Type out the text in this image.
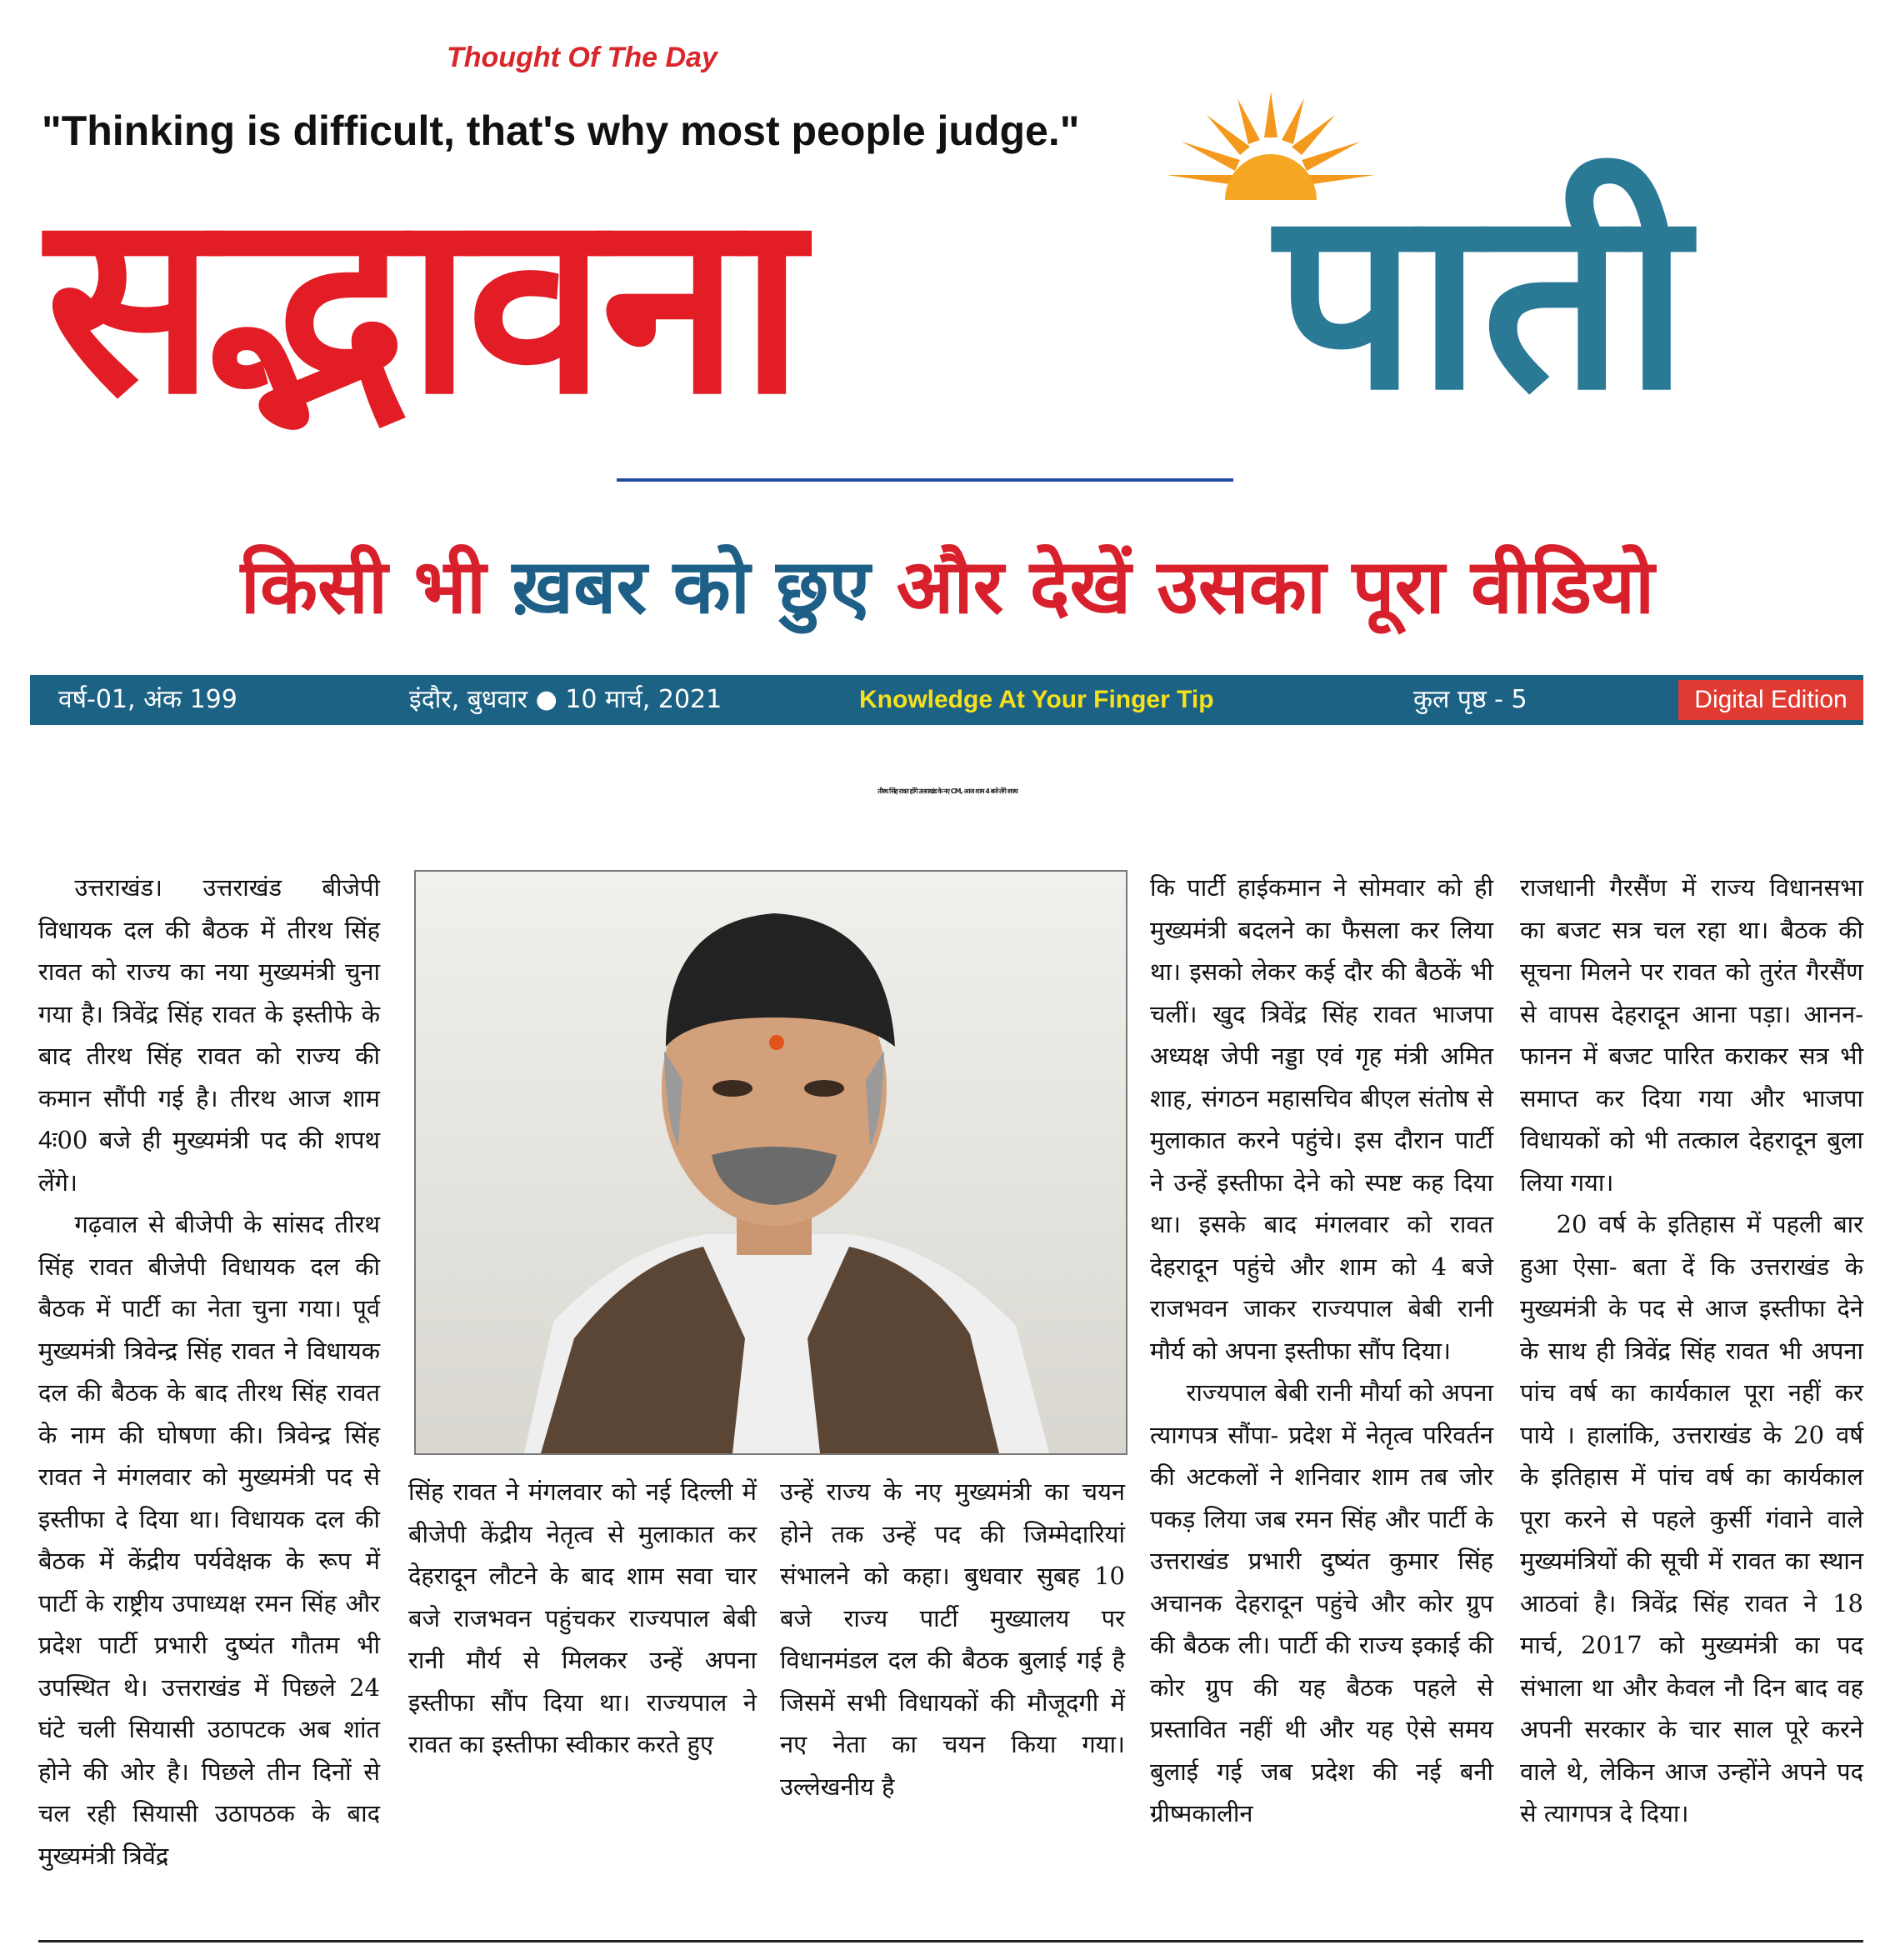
Thought Of The Day
"Thinking is difficult, that's why most people judge."
सद्भावना पाती
किसी भी ख़बर को छुए और देखें उसका पूरा वीडियो
वर्ष-01, अंक 199	इंदौर, बुधवार ● 10 मार्च, 2021	Knowledge At Your Finger Tip	कुल पृष्ठ - 5	Digital Edition
तीरथ सिंह रावत होंगे उत्तराखंड के नए CM, आज शाम 4 बजे लेंगे शपथ

उत्तराखंड। उत्तराखंड बीजेपी विधायक दल की बैठक में तीरथ सिंह रावत को राज्य का नया मुख्यमंत्री चुना गया है। त्रिवेंद्र सिंह रावत के इस्तीफे के बाद तीरथ सिंह रावत को राज्य की कमान सौंपी गई है। तीरथ आज शाम 4ः00 बजे ही मुख्यमंत्री पद की शपथ लेंगे।

गढ़वाल से बीजेपी के सांसद तीरथ सिंह रावत बीजेपी विधायक दल की बैठक में पार्टी का नेता चुना गया। पूर्व मुख्यमंत्री त्रिवेन्द्र सिंह रावत ने विधायक दल की बैठक के बाद तीरथ सिंह रावत के नाम की घोषणा की। त्रिवेन्द्र सिंह रावत ने मंगलवार को मुख्यमंत्री पद से इस्तीफा दे दिया था। विधायक दल की बैठक में केंद्रीय पर्यवेक्षक के रूप में पार्टी के राष्ट्रीय उपाध्यक्ष रमन सिंह और प्रदेश पार्टी प्रभारी दुष्यंत गौतम भी उपस्थित थे। उत्तराखंड में पिछले 24 घंटे चली सियासी उठापटक अब शांत होने की ओर है। पिछले तीन दिनों से चल रही सियासी उठापठक के बाद मुख्यमंत्री त्रिवेंद्र

सिंह रावत ने मंगलवार को नई दिल्ली में बीजेपी केंद्रीय नेतृत्व से मुलाकात कर देहरादून लौटने के बाद शाम सवा चार बजे राजभवन पहुंचकर राज्यपाल बेबी रानी मौर्य से मिलकर उन्हें अपना इस्तीफा सौंप दिया था। राज्यपाल ने रावत का इस्तीफा स्वीकार करते हुए

उन्हें राज्य के नए मुख्यमंत्री का चयन होने तक उन्हें पद की जिम्मेदारियां संभालने को कहा। बुधवार सुबह 10 बजे राज्य पार्टी मुख्यालय पर विधानमंडल दल की बैठक बुलाई गई है जिसमें सभी विधायकों की मौजूदगी में नए नेता का चयन किया गया। उल्लेखनीय है

कि पार्टी हाईकमान ने सोमवार को ही मुख्यमंत्री बदलने का फैसला कर लिया था। इसको लेकर कई दौर की बैठकें भी चलीं। खुद त्रिवेंद्र सिंह रावत भाजपा अध्यक्ष जेपी नड्डा एवं गृह मंत्री अमित शाह, संगठन महासचिव बीएल संतोष से मुलाकात करने पहुंचे। इस दौरान पार्टी ने उन्हें इस्तीफा देने को स्पष्ट कह दिया था। इसके बाद मंगलवार को रावत देहरादून पहुंचे और शाम को 4 बजे राजभवन जाकर राज्यपाल बेबी रानी मौर्य को अपना इस्तीफा सौंप दिया।

राज्यपाल बेबी रानी मौर्या को अपना त्यागपत्र सौंपा- प्रदेश में नेतृत्व परिवर्तन की अटकलों ने शनिवार शाम तब जोर पकड़ लिया जब रमन सिंह और पार्टी के उत्तराखंड प्रभारी दुष्यंत कुमार सिंह अचानक देहरादून पहुंचे और कोर ग्रुप की बैठक ली। पार्टी की राज्य इकाई की कोर ग्रुप की यह बैठक पहले से प्रस्तावित नहीं थी और यह ऐसे समय बुलाई गई जब प्रदेश की नई बनी ग्रीष्मकालीन

राजधानी गैरसैंण में राज्य विधानसभा का बजट सत्र चल रहा था। बैठक की सूचना मिलने पर रावत को तुरंत गैरसैंण से वापस देहरादून आना पड़ा। आनन-फानन में बजट पारित कराकर सत्र भी समाप्त कर दिया गया और भाजपा विधायकों को भी तत्काल देहरादून बुला लिया गया।

20 वर्ष के इतिहास में पहली बार हुआ ऐसा- बता दें कि उत्तराखंड के मुख्यमंत्री के पद से आज इस्तीफा देने के साथ ही त्रिवेंद्र सिंह रावत भी अपना पांच वर्ष का कार्यकाल पूरा नहीं कर पाये । हालांकि, उत्तराखंड के 20 वर्ष के इतिहास में पांच वर्ष का कार्यकाल पूरा करने से पहले कुर्सी गंवाने वाले मुख्यमंत्रियों की सूची में रावत का स्थान आठवां है। त्रिवेंद्र सिंह रावत ने 18 मार्च, 2017 को मुख्यमंत्री का पद संभाला था और केवल नौ दिन बाद वह अपनी सरकार के चार साल पूरे करने वाले थे, लेकिन आज उन्होंने अपने पद से त्यागपत्र दे दिया।
